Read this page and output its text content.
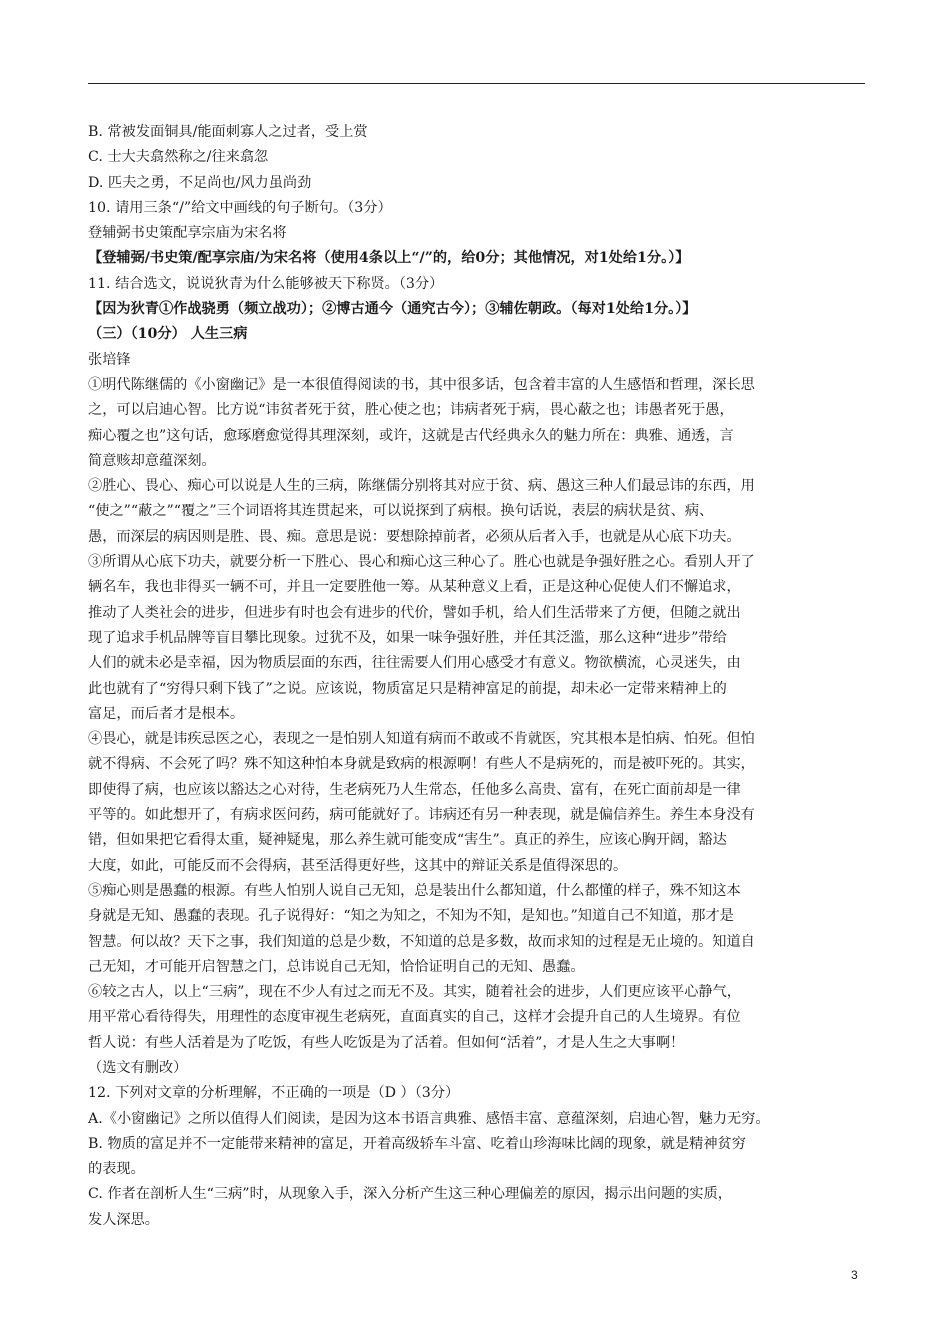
B. 常被发面铜具/能面刺寡人之过者，受上赏
C. 士大夫翕然称之/往来翕忽
D. 匹夫之勇，不足尚也/风力虽尚劲
10. 请用三条“/”给文中画线的句子断句。（3分）
登辅弼书史策配享宗庙为宋名将
【登辅弼/书史策/配享宗庙/为宋名将（使用4条以上“/”的，给0分；其他情况，对1处给1分。）】
11. 结合选文，说说狄青为什么能够被天下称贤。（3分）
【因为狄青①作战骁勇（频立战功）；②博古通今（通究古今）；③辅佐朝政。（每对1处给1分。）】
（三）（10分） 人生三病
张培锋
①明代陈继儒的《小窗幽记》是一本很值得阅读的书，其中很多话，包含着丰富的人生感悟和哲理，深长思
之，可以启迪心智。比方说“讳贫者死于贫，胜心使之也；讳病者死于病，畏心蔽之也；讳愚者死于愚，
痴心覆之也”这句话，愈琢磨愈觉得其理深刻，或许，这就是古代经典永久的魅力所在：典雅、通透，言
简意赅却意蕴深刻。
②胜心、畏心、痴心可以说是人生的三病，陈继儒分别将其对应于贫、病、愚这三种人们最忌讳的东西，用
“使之”“蔽之”“覆之”三个词语将其连贯起来，可以说探到了病根。换句话说，表层的病状是贫、病、
愚，而深层的病因则是胜、畏、痴。意思是说：要想除掉前者，必须从后者入手，也就是从心底下功夫。
③所谓从心底下功夫，就要分析一下胜心、畏心和痴心这三种心了。胜心也就是争强好胜之心。看别人开了
辆名车，我也非得买一辆不可，并且一定要胜他一筹。从某种意义上看，正是这种心促使人们不懈追求，
推动了人类社会的进步，但进步有时也会有进步的代价，譬如手机，给人们生活带来了方便，但随之就出
现了追求手机品牌等盲目攀比现象。过犹不及，如果一味争强好胜，并任其泛滥，那么这种“进步”带给
人们的就未必是幸福，因为物质层面的东西，往往需要人们用心感受才有意义。物欲横流，心灵迷失，由
此也就有了“穷得只剩下钱了”之说。应该说，物质富足只是精神富足的前提，却未必一定带来精神上的
富足，而后者才是根本。
④畏心，就是讳疾忌医之心，表现之一是怕别人知道有病而不敢或不肯就医，究其根本是怕病、怕死。但怕
就不得病、不会死了吗？殊不知这种怕本身就是致病的根源啊！有些人不是病死的，而是被吓死的。其实，
即使得了病，也应该以豁达之心对待，生老病死乃人生常态，任他多么高贵、富有，在死亡面前却是一律
平等的。如此想开了，有病求医问药，病可能就好了。讳病还有另一种表现，就是偏信养生。养生本身没有
错，但如果把它看得太重，疑神疑鬼，那么养生就可能变成“害生”。真正的养生，应该心胸开阔，豁达
大度，如此，可能反而不会得病，甚至活得更好些，这其中的辩证关系是值得深思的。
⑤痴心则是愚蠢的根源。有些人怕别人说自己无知，总是装出什么都知道，什么都懂的样子，殊不知这本
身就是无知、愚蠢的表现。孔子说得好：“知之为知之，不知为不知，是知也。”知道自己不知道，那才是
智慧。何以故？天下之事，我们知道的总是少数，不知道的总是多数，故而求知的过程是无止境的。知道自
己无知，才可能开启智慧之门，总讳说自己无知，恰恰证明自己的无知、愚蠢。
⑥较之古人，以上“三病”，现在不少人有过之而无不及。其实，随着社会的进步，人们更应该平心静气，
用平常心看待得失，用理性的态度审视生老病死，直面真实的自己，这样才会提升自己的人生境界。有位
哲人说：有些人活着是为了吃饭，有些人吃饭是为了活着。但如何“活着”，才是人生之大事啊！
（选文有删改）
12. 下列对文章的分析理解，不正确的一项是（D ）（3分）
A.《小窗幽记》之所以值得人们阅读，是因为这本书语言典雅、感悟丰富、意蕴深刻，启迪心智，魅力无穷。
B. 物质的富足并不一定能带来精神的富足，开着高级轿车斗富、吃着山珍海味比阔的现象，就是精神贫穷
的表现。
C. 作者在剖析人生“三病”时，从现象入手，深入分析产生这三种心理偏差的原因，揭示出问题的实质，
发人深思。
3
